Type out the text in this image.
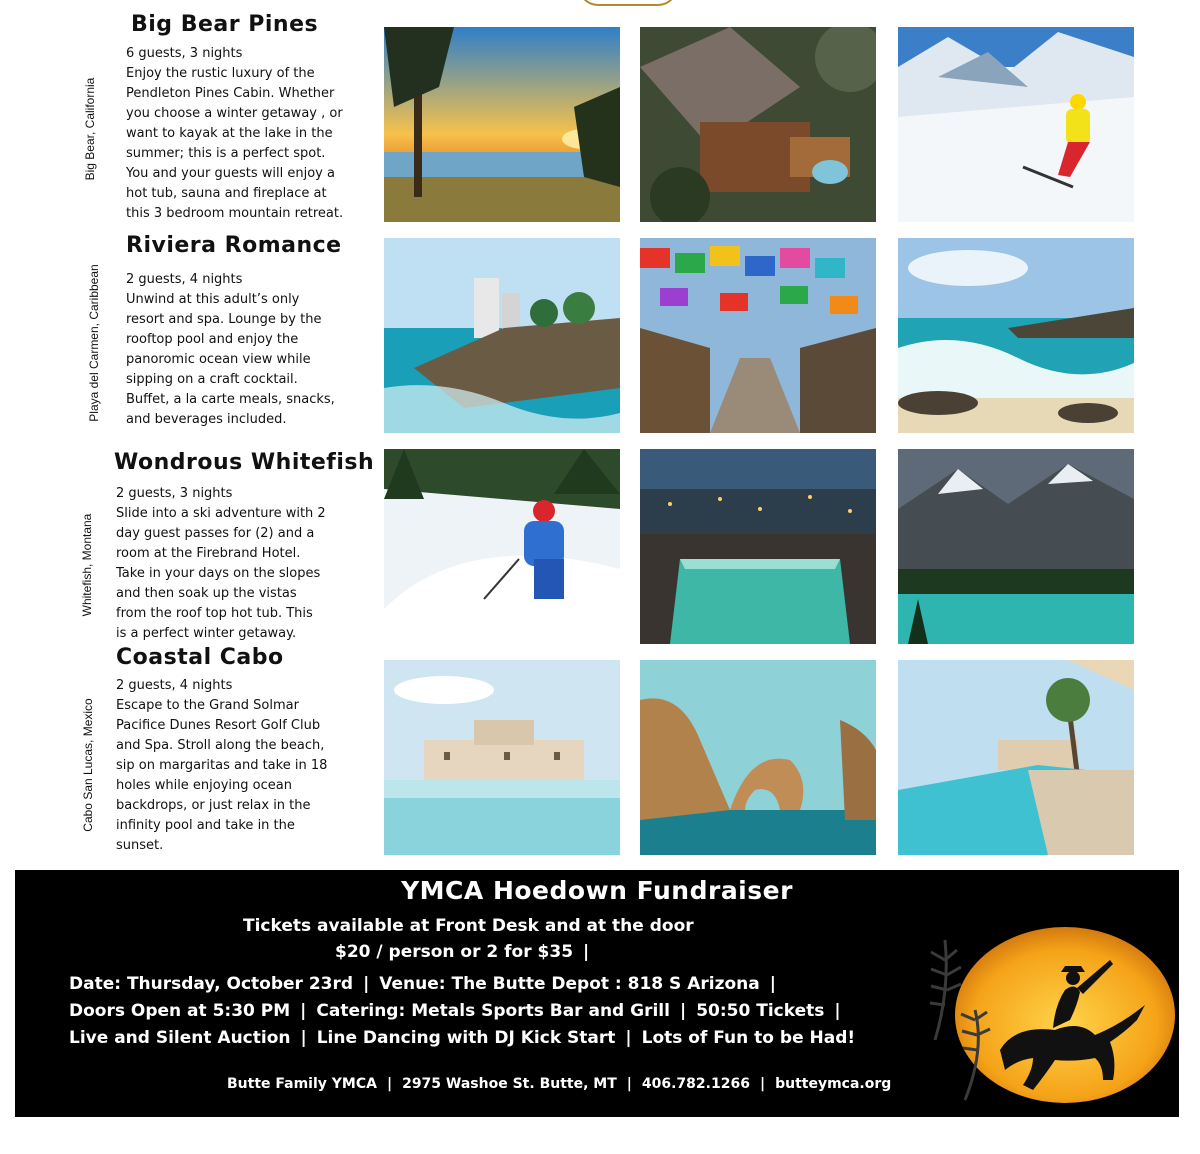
Big Bear, California
Big Bear Pines

6 guests, 3 nights

Enjoy the rustic luxury of the
Pendleton Pines Cabin. Whether
you choose a winter getaway , or
want to kayak at the lake in the
summer; this is a perfect spot.
You and your guests will enjoy a
hot tub, sauna and fireplace at
this 3 bedroom mountain retreat.
Playa del Carmen, Caribbean
Riviera Romance

2 guests, 4 nights

Unwind at this adult’s only
resort and spa. Lounge by the
rooftop pool and enjoy the
panoromic ocean view while
sipping on a craft cocktail.
Buffet, a la carte meals, snacks,
and beverages included.
Whitefish, Montana
Wondrous Whitefish

2 guests, 3 nights

Slide into a ski adventure with 2
day guest passes for (2) and a
room at the Firebrand Hotel.
Take in your days on the slopes
and then soak up the vistas
from the roof top hot tub. This
is a perfect winter getaway.
Cabo San Lucas, Mexico
Coastal Cabo

2 guests, 4 nights

Escape to the Grand Solmar
Pacifice Dunes Resort Golf Club
and Spa. Stroll along the beach,
sip on margaritas and take in 18
holes while enjoying ocean
backdrops, or just relax in the
infinity pool and take in the
sunset.
YMCA Hoedown Fundraiser
Tickets available at Front Desk and at the door
$20 / person or 2 for $35 |
Date: Thursday, October 23rd | Venue: The Butte Depot : 818 S Arizona |
Doors Open at 5:30 PM | Catering: Metals Sports Bar and Grill | 50:50 Tickets |
Live and Silent Auction | Line Dancing with DJ Kick Start | Lots of Fun to be Had!
Butte Family YMCA | 2975 Washoe St. Butte, MT | 406.782.1266 | butteymca.org
